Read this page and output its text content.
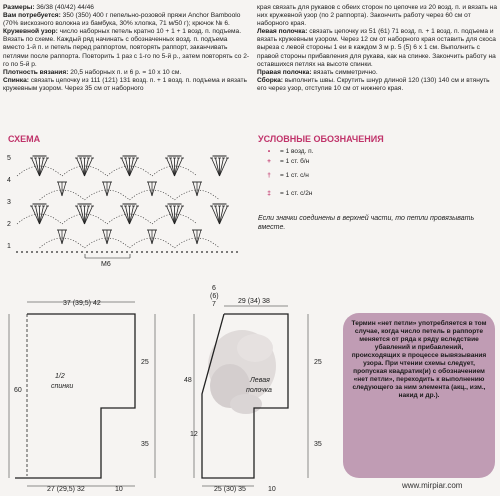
Размеры: 36/38 (40/42) 44/46

Вам потребуется: 350 (350) 400 г пепельно-розовой пряжи Anchor Bamboolo (70% вискозного волокна из бамбука, 30% хлопка, 71 м/50 г); крючок № 6.

Кружевной узор: число наборных петель кратно 10 + 1 + 1 возд. п. подъема. Вязать по схеме. Каждый ряд начинать с обозначенных возд. п. подъема вместо 1-й п. и петель перед раппортом, повторять раппорт, заканчивать петлями после раппорта. Повторить 1 раз с 1-го по 5-й р., затем повторять со 2-го по 5-й р.

Плотность вязания: 20,5 наборных п. и 6 р. = 10 х 10 см.

Спинка: связать цепочку из 111 (121) 131 возд. п. + 1 возд. п. подъема и вязать кружевным узором. Через 35 см от наборного

края связать для рукавов с обеих сторон по цепочке из 20 возд. п. и вязать на них кружевной узор (по 2 раппорта). Закончить работу через 60 см от наборного края.

Левая полочка: связать цепочку из 51 (61) 71 возд. п. + 1 возд. п. подъема и вязать кружевным узором. Через 12 см от наборного края оставить для скоса выреза с левой стороны 1 еи в каждом 3 м р. 5 (5) 6 х 1 см. Выполнить с правой стороны прибавления для рукава, как на спинке. Закончить работу на оставшихся петлях на высоте спинки.

Правая полочка: вязать симметрично.

Сборка: выполнить швы. Скрутить шнур длиной 120 (130) 140 см и втянуть его через узор, отступив 10 см от нижнего края.

СХЕМА
5
4
3
2
1
M6
УСЛОВНЫЕ ОБОЗНАЧЕНИЯ
•	= 1 возд. п.
+	= 1 ст. б/н
†	= 1 ст. с/н
‡	= 1 ст. с/2н
Если значки соединены в верхней части, то петли провязывать вместе.
37 (39,5) 42
25
35
60
1/2
спинки
27 (29,5) 32	10
6
(6)
7	29 (34) 38
25
48
12
35
Левая
полочка
25 (30) 35	10
Термин «нет петли» употребляется в том случае, когда число петель в раппорте меняется от ряда к ряду вследствие убавлений и прибавлений, происходящих в процессе вывязывания узора. При чтении схемы следует, пропуская квадратик(и) с обозначением «нет петли», переходить к выполнению следующего за ним элемента (акц., изм., накид и др.).
www.mirpiar.com
